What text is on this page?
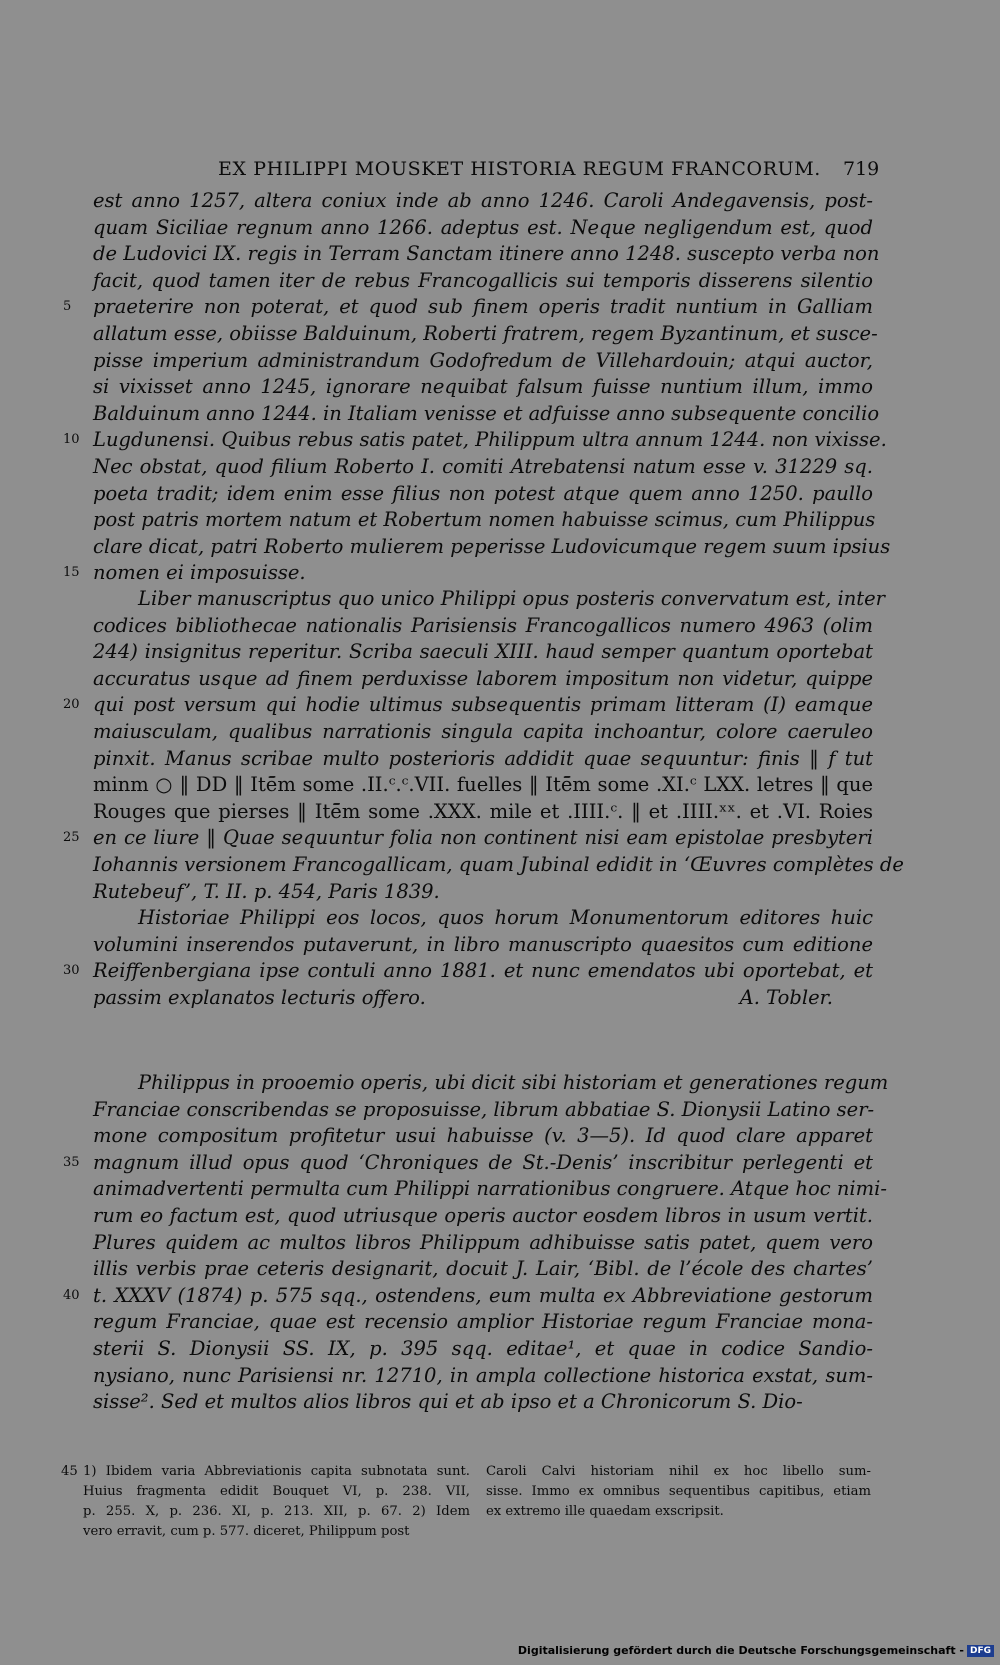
EX PHILIPPI MOUSKET HISTORIA REGUM FRANCORUM. 719
est anno 1257, altera coniux inde ab anno 1246. Caroli Andegavensis, post-
quam Siciliae regnum anno 1266. adeptus est. Neque negligendum est, quod
de Ludovici IX. regis in Terram Sanctam itinere anno 1248. suscepto verba non
facit, quod tamen iter de rebus Francogallicis sui temporis disserens silentio
5	praeterire non poterat, et quod sub finem operis tradit nuntium in Galliam
allatum esse, obiisse Balduinum, Roberti fratrem, regem Byzantinum, et susce-
pisse imperium administrandum Godofredum de Villehardouin; atqui auctor,
si vixisset anno 1245, ignorare nequibat falsum fuisse nuntium illum, immo
Balduinum anno 1244. in Italiam venisse et adfuisse anno subsequente concilio
10 Lugdunensi. Quibus rebus satis patet, Philippum ultra annum 1244. non vixisse.
Nec obstat, quod filium Roberto I. comiti Atrebatensi natum esse v. 31229 sq.
poeta tradit; idem enim esse filius non potest atque quem anno 1250. paullo
post patris mortem natum et Robertum nomen habuisse scimus, cum Philippus
clare dicat, patri Roberto mulierem peperisse Ludovicumque regem suum ipsius
15 nomen ei imposuisse.
Liber manuscriptus quo unico Philippi opus posteris convervatum est, inter
codices bibliothecae nationalis Parisiensis Francogallicos numero 4963 (olim
244) insignitus reperitur. Scriba saeculi XIII. haud semper quantum oportebat
accuratus usque ad finem perduxisse laborem impositum non videtur, quippe
20 qui post versum qui hodie ultimus subsequentis primam litteram (I) eamque
maiusculam, qualibus narrationis singula capita inchoantur, colore caeruleo
pinxit. Manus scribae multo posterioris addidit quae sequuntur: finis ‖ f tut
minm ○ ‖ DD ‖ Itē̄m some .II.ᶜ.ᶜ.VII. fuelles ‖ Itē̄m some .XI.ᶜ LXX. letres ‖ que
Rouges que pierses ‖ Itē̄m some .XXX. mile et .IIII.ᶜ. ‖ et .IIII.ˣˣ. et .VI. Roies
25 en ce liure ‖ Quae sequuntur folia non continent nisi eam epistolae presbyteri
Iohannis versionem Francogallicam, quam Jubinal edidit in ‘Œuvres complètes de
Rutebeuf’, T. II. p. 454, Paris 1839.
Historiae Philippi eos locos, quos horum Monumentorum editores huic
volumini inserendos putaverunt, in libro manuscripto quaesitos cum editione
30 Reiffenbergiana ipse contuli anno 1881. et nunc emendatos ubi oportebat, et
passim explanatos lecturis offero.	A. Tobler.
Philippus in prooemio operis, ubi dicit sibi historiam et generationes regum
Franciae conscribendas se proposuisse, librum abbatiae S. Dionysii Latino ser-
mone compositum profitetur usui habuisse (v. 3—5). Id quod clare apparet
35 magnum illud opus quod ‘Chroniques de St.-Denis’ inscribitur perlegenti et
animadvertenti permulta cum Philippi narrationibus congruere. Atque hoc nimi-
rum eo factum est, quod utriusque operis auctor eosdem libros in usum vertit.
Plures quidem ac multos libros Philippum adhibuisse satis patet, quem vero
illis verbis prae ceteris designarit, docuit J. Lair, ‘Bibl. de l’école des chartes’
40 t. XXXV (1874) p. 575 sqq., ostendens, eum multa ex Abbreviatione gestorum
regum Franciae, quae est recensio amplior Historiae regum Franciae mona-
sterii S. Dionysii SS. IX, p. 395 sqq. editae¹, et quae in codice Sandio-
nysiano, nunc Parisiensi nr. 12710, in ampla collectione historica exstat, sum-
sisse². Sed et multos alios libros qui et ab ipso et a Chronicorum S. Dio-
45 1) Ibidem varia Abbreviationis capita subnotata sunt.
Huius fragmenta edidit Bouquet VI, p. 238. VII,
p. 255. X, p. 236. XI, p. 213. XII, p. 67. 2) Idem
vero erravit, cum p. 577. diceret, Philippum post
Caroli Calvi historiam nihil ex hoc libello sum-
sisse. Immo ex omnibus sequentibus capitibus, etiam
ex extremo ille quaedam exscripsit.
Digitalisierung gefördert durch die Deutsche Forschungsgemeinschaft - DFG
